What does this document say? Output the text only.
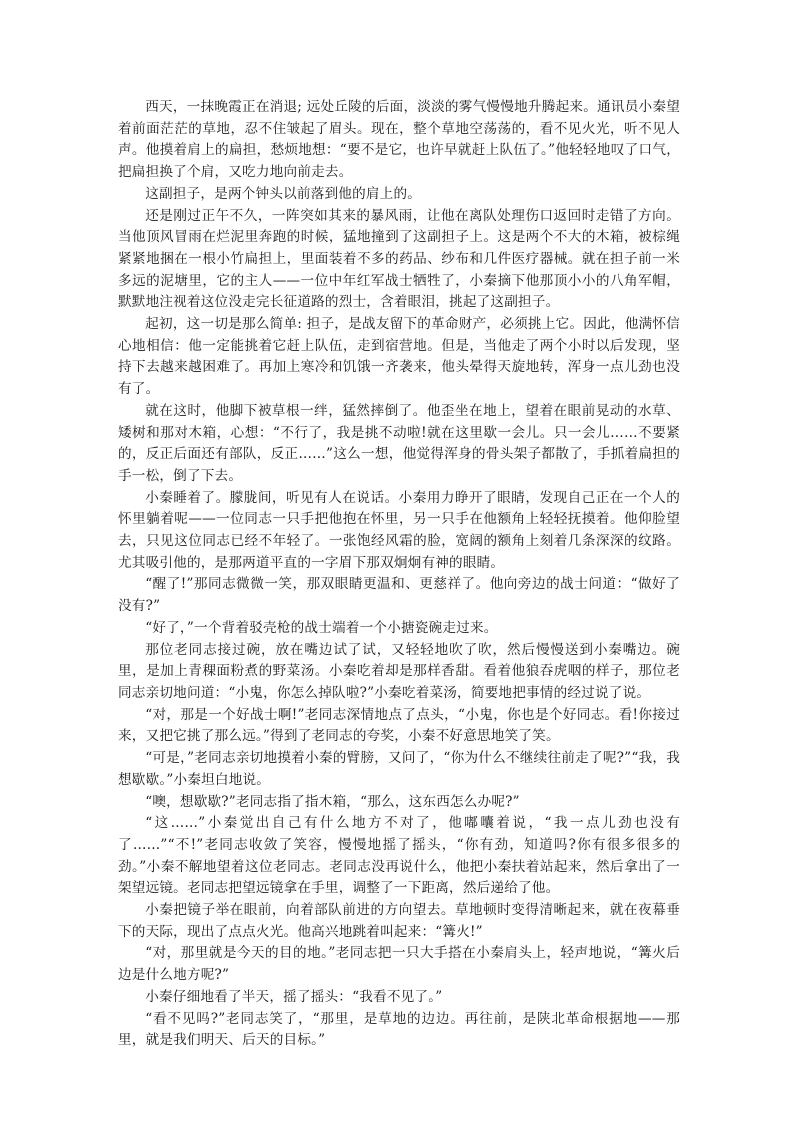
西天，一抹晚霞正在消退; 远处丘陵的后面，淡淡的雾气慢慢地升腾起来。通讯员小秦望着前面茫茫的草地，忍不住皱起了眉头。现在，整个草地空荡荡的，看不见火光，听不见人声。他摸着肩上的扁担，愁烦地想：“要不是它，也许早就赶上队伍了。”他轻轻地叹了口气，把扁担换了个肩，又吃力地向前走去。

这副担子，是两个钟头以前落到他的肩上的。

还是刚过正午不久，一阵突如其来的暴风雨，让他在离队处理伤口返回时走错了方向。当他顶风冒雨在烂泥里奔跑的时候，猛地撞到了这副担子上。这是两个不大的木箱，被棕绳紧紧地捆在一根小竹扁担上，里面装着不多的药品、纱布和几件医疗器械。就在担子前一米多远的泥塘里，它的主人——一位中年红军战士牺牲了，小秦摘下他那顶小小的八角军帽，默默地注视着这位没走完长征道路的烈士，含着眼泪，挑起了这副担子。

起初，这一切是那么简单: 担子，是战友留下的革命财产，必须挑上它。因此，他满怀信心地相信：他一定能挑着它赶上队伍，走到宿营地。但是，当他走了两个小时以后发现，坚持下去越来越困难了。再加上寒冷和饥饿一齐袭来，他头晕得天旋地转，浑身一点儿劲也没有了。

就在这时，他脚下被草根一绊，猛然摔倒了。他歪坐在地上，望着在眼前晃动的水草、矮树和那对木箱，心想：“不行了，我是挑不动啦!就在这里歇一会儿。只一会儿……不要紧的，反正后面还有部队，反正……”这么一想，他觉得浑身的骨头架子都散了，手抓着扁担的手一松，倒了下去。

小秦睡着了。朦胧间，听见有人在说话。小秦用力睁开了眼睛，发现自己正在一个人的怀里躺着呢——一位同志一只手把他抱在怀里，另一只手在他额角上轻轻抚摸着。他仰脸望去，只见这位同志已经不年轻了。一张饱经风霜的脸，宽阔的额角上刻着几条深深的纹路。尤其吸引他的，是那两道平直的一字眉下那双炯炯有神的眼睛。

“醒了!”那同志微微一笑，那双眼睛更温和、更慈祥了。他向旁边的战士问道：“做好了没有?”

“好了，”一个背着驳壳枪的战士端着一个小搪瓷碗走过来。

那位老同志接过碗，放在嘴边试了试，又轻轻地吹了吹，然后慢慢送到小秦嘴边。碗里，是加上青稞面粉煮的野菜汤。小秦吃着却是那样香甜。看着他狼吞虎咽的样子，那位老同志亲切地问道：“小鬼，你怎么掉队啦?”小秦吃着菜汤，简要地把事情的经过说了说。

“对，那是一个好战士啊!”老同志深情地点了点头，“小鬼，你也是个好同志。看!你接过来，又把它挑了那么远。”得到了老同志的夸奖，小秦不好意思地笑了笑。

“可是，”老同志亲切地摸着小秦的臂膀，又问了，“你为什么不继续往前走了呢?”“我，我想歇歇。”小秦坦白地说。

“噢，想歇歇?”老同志指了指木箱，“那么，这东西怎么办呢?”

“这……”小秦觉出自己有什么地方不对了，他嘟囔着说，“我一点儿劲也没有了……”“不!”老同志收敛了笑容，慢慢地摇了摇头，“你有劲，知道吗?你有很多很多的劲。”小秦不解地望着这位老同志。老同志没再说什么，他把小秦扶着站起来，然后拿出了一架望远镜。老同志把望远镜拿在手里，调整了一下距离，然后递给了他。

小秦把镜子举在眼前，向着部队前进的方向望去。草地顿时变得清晰起来，就在夜幕垂下的天际，现出了点点火光。他高兴地跳着叫起来：“篝火!”

“对，那里就是今天的目的地。”老同志把一只大手搭在小秦肩头上，轻声地说，“篝火后边是什么地方呢?”

小秦仔细地看了半天，摇了摇头：“我看不见了。”

“看不见吗?”老同志笑了，“那里，是草地的边边。再往前，是陕北革命根据地——那里，就是我们明天、后天的目标。”
